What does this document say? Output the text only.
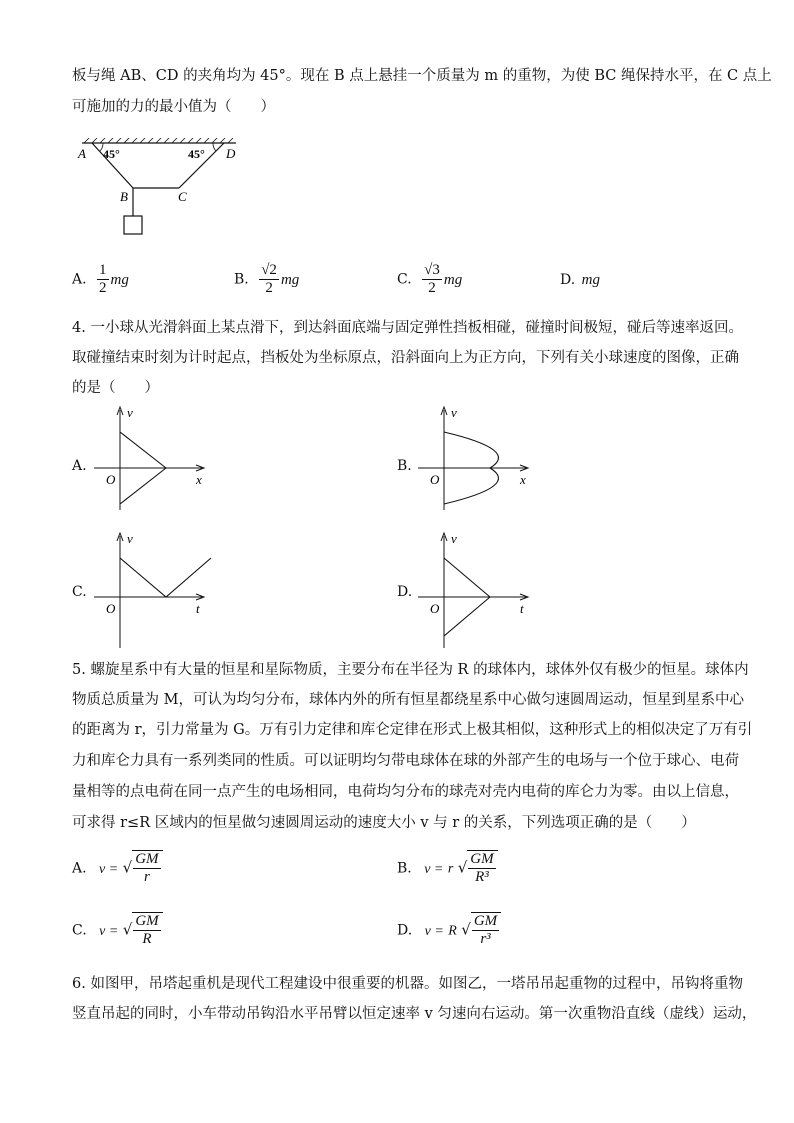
板与绳 AB、CD 的夹角均为 45°。现在 B 点上悬挂一个质量为 m 的重物，为使 BC 绳保持水平，在 C 点上
可施加的力的最小值为（　　）
A 45°	45° D
B	C
A. $\frac{1}{2}$ mg	B. $\frac{√2}{2}$ mg	C. $\frac{√3}{2}$ mg	D. mg
4. 一小球从光滑斜面上某点滑下，到达斜面底端与固定弹性挡板相碰，碰撞时间极短，碰后等速率返回。
取碰撞结束时刻为计时起点，挡板处为坐标原点，沿斜面向上为正方向，下列有关小球速度的图像，正确
的是（　　）
A.
v
O	x
B.
v
O	x
C.
v
O	t
D.
v
O	t
5. 螺旋星系中有大量的恒星和星际物质，主要分布在半径为 R 的球体内，球体外仅有极少的恒星。球体内
物质总质量为 M，可认为均匀分布，球体内外的所有恒星都绕星系中心做匀速圆周运动，恒星到星系中心
的距离为 r，引力常量为 G。万有引力定律和库仑定律在形式上极其相似，这种形式上的相似决定了万有引
力和库仑力具有一系列类同的性质。可以证明均匀带电球体在球的外部产生的电场与一个位于球心、电荷
量相等的点电荷在同一点产生的电场相同，电荷均匀分布的球壳对壳内电荷的库仑力为零。由以上信息，
可求得 r≤R 区域内的恒星做匀速圆周运动的速度大小 v 与 r 的关系，下列选项正确的是（　　）
A. v = √ $\frac{GM}{r}$	B. v = r √ $\frac{GM}{\text{R³}}$
C. v = √ $\frac{GM}{R}$	D. v = R √ $\frac{GM}{\text{r³}}$
6. 如图甲，吊塔起重机是现代工程建设中很重要的机器。如图乙，一塔吊吊起重物的过程中，吊钩将重物
竖直吊起的同时，小车带动吊钩沿水平吊臂以恒定速率 v 匀速向右运动。第一次重物沿直线（虚线）运动，
